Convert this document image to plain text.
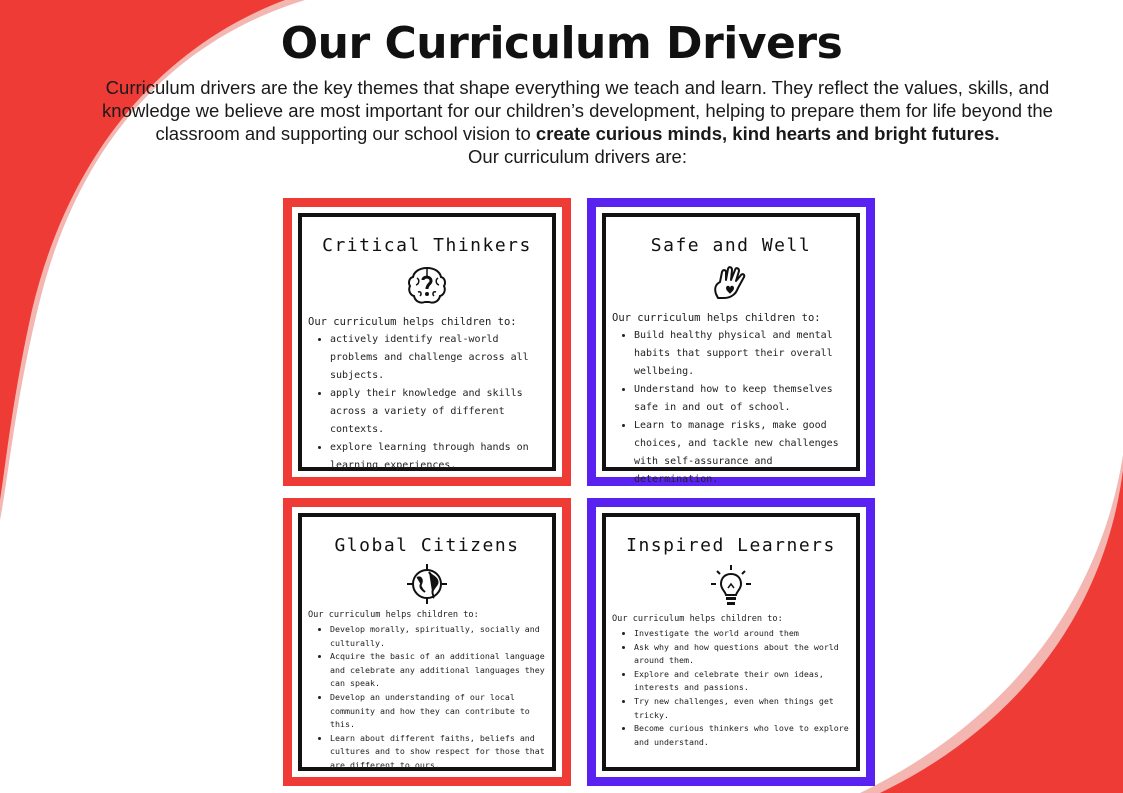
Our Curriculum Drivers
Curriculum drivers are the key themes that shape everything we teach and learn. They reflect the values, skills, and knowledge we believe are most important for our children’s development, helping to prepare them for life beyond the classroom and supporting our school vision to create curious minds, kind hearts and bright futures.
Our curriculum drivers are:
Critical Thinkers
Our curriculum helps children to:
• actively identify real-world problems and challenge across all subjects.
• apply their knowledge and skills across a variety of different contexts.
• explore learning through hands on learning experiences.
Safe and Well
Our curriculum helps children to:
• Build healthy physical and mental habits that support their overall wellbeing.
• Understand how to keep themselves safe in and out of school.
• Learn to manage risks, make good choices, and tackle new challenges with self-assurance and determination.
Global Citizens
Our curriculum helps children to:
• Develop morally, spiritually, socially and culturally.
• Acquire the basic of an additional language and celebrate any additional languages they can speak.
• Develop an understanding of our local community and how they can contribute to this.
• Learn about different faiths, beliefs and cultures and to show respect for those that are different to ours.
Inspired Learners
Our curriculum helps children to:
• Investigate the world around them
• Ask why and how questions about the world around them.
• Explore and celebrate their own ideas, interests and passions.
• Try new challenges, even when things get tricky.
• Become curious thinkers who love to explore and understand.
